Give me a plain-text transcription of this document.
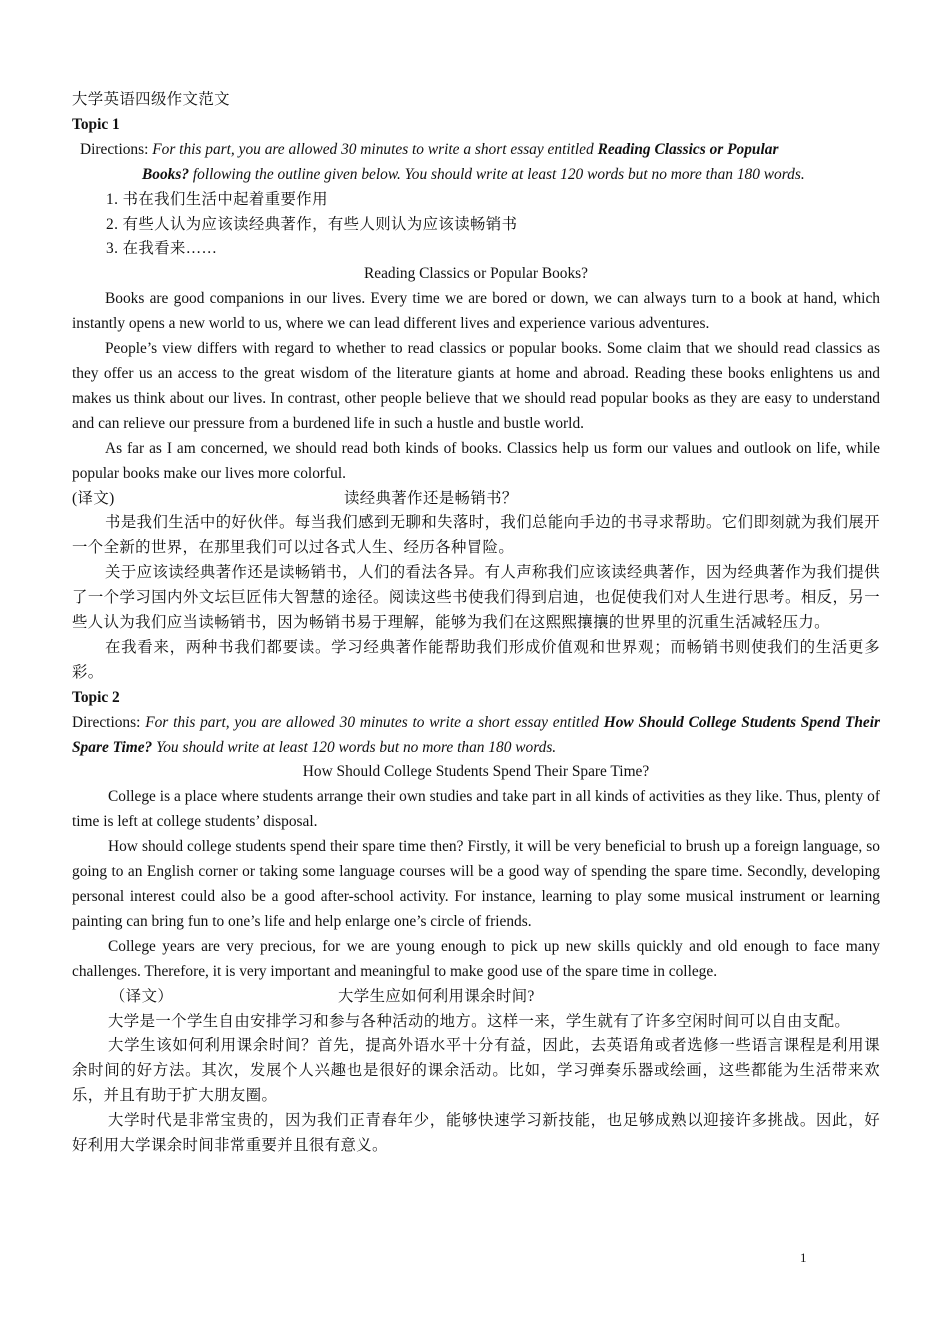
大学英语四级作文范文
Topic 1
Directions: For this part, you are allowed 30 minutes to write a short essay entitled Reading Classics or Popular
Books? following the outline given below. You should write at least 120 words but no more than 180 words.
1. 书在我们生活中起着重要作用
2. 有些人认为应该读经典著作，有些人则认为应该读畅销书
3. 在我看来……
Reading Classics or Popular Books?
Books are good companions in our lives. Every time we are bored or down, we can always turn to a book at hand, which instantly opens a new world to us, where we can lead different lives and experience various adventures.
People’s view differs with regard to whether to read classics or popular books. Some claim that we should read classics as they offer us an access to the great wisdom of the literature giants at home and abroad. Reading these books enlightens us and makes us think about our lives. In contrast, other people believe that we should read popular books as they are easy to understand and can relieve our pressure from a burdened life in such a hustle and bustle world.
As far as I am concerned, we should read both kinds of books. Classics help us form our values and outlook on life, while popular books make our lives more colorful.
(译文)	读经典著作还是畅销书？
书是我们生活中的好伙伴。每当我们感到无聊和失落时，我们总能向手边的书寻求帮助。它们即刻就为我们展开一个全新的世界，在那里我们可以过各式人生、经历各种冒险。
关于应该读经典著作还是读畅销书，人们的看法各异。有人声称我们应该读经典著作，因为经典著作为我们提供了一个学习国内外文坛巨匠伟大智慧的途径。阅读这些书使我们得到启迪，也促使我们对人生进行思考。相反，另一些人认为我们应当读畅销书，因为畅销书易于理解，能够为我们在这熙熙攘攘的世界里的沉重生活减轻压力。
在我看来，两种书我们都要读。学习经典著作能帮助我们形成价值观和世界观；而畅销书则使我们的生活更多彩。
Topic 2
Directions: For this part, you are allowed 30 minutes to write a short essay entitled How Should College Students Spend Their Spare Time? You should write at least 120 words but no more than 180 words.
How Should College Students Spend Their Spare Time?
College is a place where students arrange their own studies and take part in all kinds of activities as they like. Thus, plenty of time is left at college students’ disposal.
How should college students spend their spare time then? Firstly, it will be very beneficial to brush up a foreign language, so going to an English corner or taking some language courses will be a good way of spending the spare time. Secondly, developing personal interest could also be a good after-school activity. For instance, learning to play some musical instrument or learning painting can bring fun to one’s life and help enlarge one’s circle of friends.
College years are very precious, for we are young enough to pick up new skills quickly and old enough to face many challenges. Therefore, it is very important and meaningful to make good use of the spare time in college.
（译文）	大学生应如何利用课余时间?
大学是一个学生自由安排学习和参与各种活动的地方。这样一来，学生就有了许多空闲时间可以自由支配。
大学生该如何利用课余时间？首先，提高外语水平十分有益，因此，去英语角或者选修一些语言课程是利用课余时间的好方法。其次，发展个人兴趣也是很好的课余活动。比如，学习弹奏乐器或绘画，这些都能为生活带来欢乐，并且有助于扩大朋友圈。
大学时代是非常宝贵的，因为我们正青春年少，能够快速学习新技能，也足够成熟以迎接许多挑战。因此，好好利用大学课余时间非常重要并且很有意义。
1
